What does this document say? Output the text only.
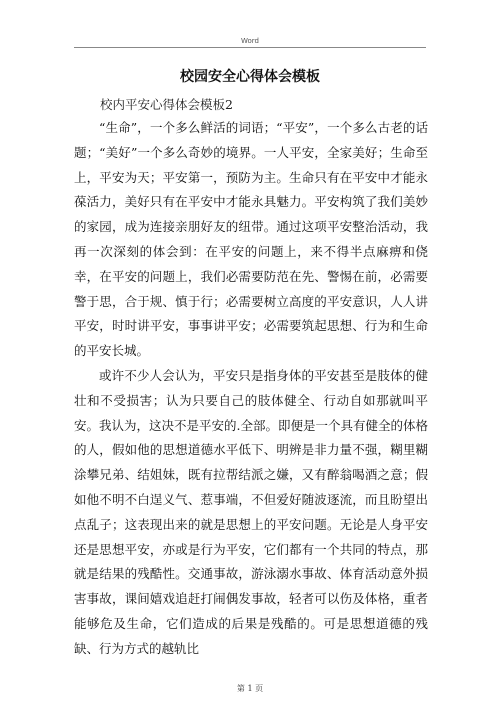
Word
校园安全心得体会模板
校内平安心得体会模板2

“生命”，一个多么鲜活的词语；“平安”，一个多么古老的话题；“美好”一个多么奇妙的境界。一人平安，全家美好；生命至上，平安为天；平安第一，预防为主。生命只有在平安中才能永葆活力，美好只有在平安中才能永具魅力。平安构筑了我们美妙的家园，成为连接亲朋好友的纽带。通过这项平安整治活动，我再一次深刻的体会到：在平安的问题上，来不得半点麻痹和侥幸，在平安的问题上，我们必需要防范在先、警惕在前，必需要警于思，合于规、慎于行；必需要树立高度的平安意识，人人讲平安，时时讲平安，事事讲平安；必需要筑起思想、行为和生命的平安长城。

或许不少人会认为，平安只是指身体的平安甚至是肢体的健壮和不受损害；认为只要自己的肢体健全、行动自如那就叫平安。我认为，这决不是平安的.全部。即便是一个具有健全的体格的人，假如他的思想道德水平低下、明辨是非力量不强，糊里糊涂攀兄弟、结姐妹，既有拉帮结派之嫌，又有醉翁喝酒之意；假如他不明不白逞义气、惹事端，不但爱好随波逐流，而且盼望出点乱子；这表现出来的就是思想上的平安问题。无论是人身平安还是思想平安，亦或是行为平安，它们都有一个共同的特点，那就是结果的残酷性。交通事故，游泳溺水事故、体育活动意外损害事故，课间嬉戏追赶打闹偶发事故，轻者可以伤及体格，重者能够危及生命，它们造成的后果是残酷的。可是思想道德的残缺、行为方式的越轨比

第 1 页
